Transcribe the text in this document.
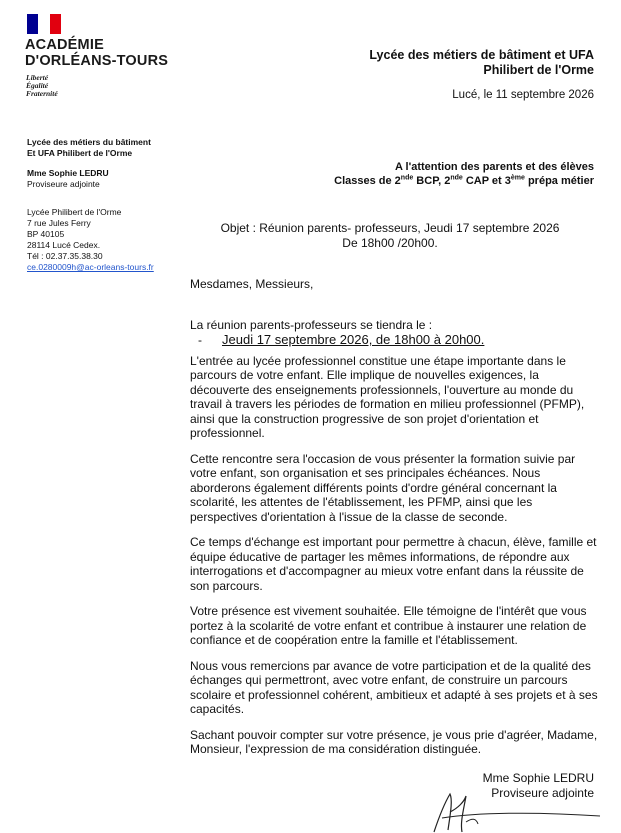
ACADÉMIE
D'ORLÉANS-TOURS
Liberté
Égalité
Fraternité
Lycée des métiers de bâtiment et UFA
Philibert de l'Orme
Lucé, le 11 septembre 2026
Lycée des métiers du bâtiment
Et UFA Philibert de l'Orme
Mme Sophie LEDRU
Proviseure adjointe
Lycée Philibert de l'Orme
7 rue Jules Ferry
BP 40105
28114 Lucé Cedex.
Tél : 02.37.35.38.30
ce.0280009h@ac-orleans-tours.fr
A l'attention des parents et des élèves
Classes de 2nde BCP, 2nde CAP et 3ème prépa métier
Objet : Réunion parents- professeurs, Jeudi 17 septembre 2026
De 18h00 /20h00.

Mesdames, Messieurs,

La réunion parents-professeurs se tiendra le :

-	Jeudi 17 septembre 2026, de 18h00 à 20h00.

L'entrée au lycée professionnel constitue une étape importante dans le parcours de votre enfant. Elle implique de nouvelles exigences, la découverte des enseignements professionnels, l'ouverture au monde du travail à travers les périodes de formation en milieu professionnel (PFMP), ainsi que la construction progressive de son projet d'orientation et professionnel.

Cette rencontre sera l'occasion de vous présenter la formation suivie par votre enfant, son organisation et ses principales échéances. Nous aborderons également différents points d'ordre général concernant la scolarité, les attentes de l'établissement, les PFMP, ainsi que les perspectives d'orientation à l'issue de la classe de seconde.

Ce temps d'échange est important pour permettre à chacun, élève, famille et équipe éducative de partager les mêmes informations, de répondre aux interrogations et d'accompagner au mieux votre enfant dans la réussite de son parcours.

Votre présence est vivement souhaitée. Elle témoigne de l'intérêt que vous portez à la scolarité de votre enfant et contribue à instaurer une relation de confiance et de coopération entre la famille et l'établissement.

Nous vous remercions par avance de votre participation et de la qualité des échanges qui permettront, avec votre enfant, de construire un parcours scolaire et professionnel cohérent, ambitieux et adapté à ses projets et à ses capacités.

Sachant pouvoir compter sur votre présence, je vous prie d'agréer, Madame, Monsieur, l'expression de ma considération distinguée.

Mme Sophie LEDRU
Proviseure adjointe
